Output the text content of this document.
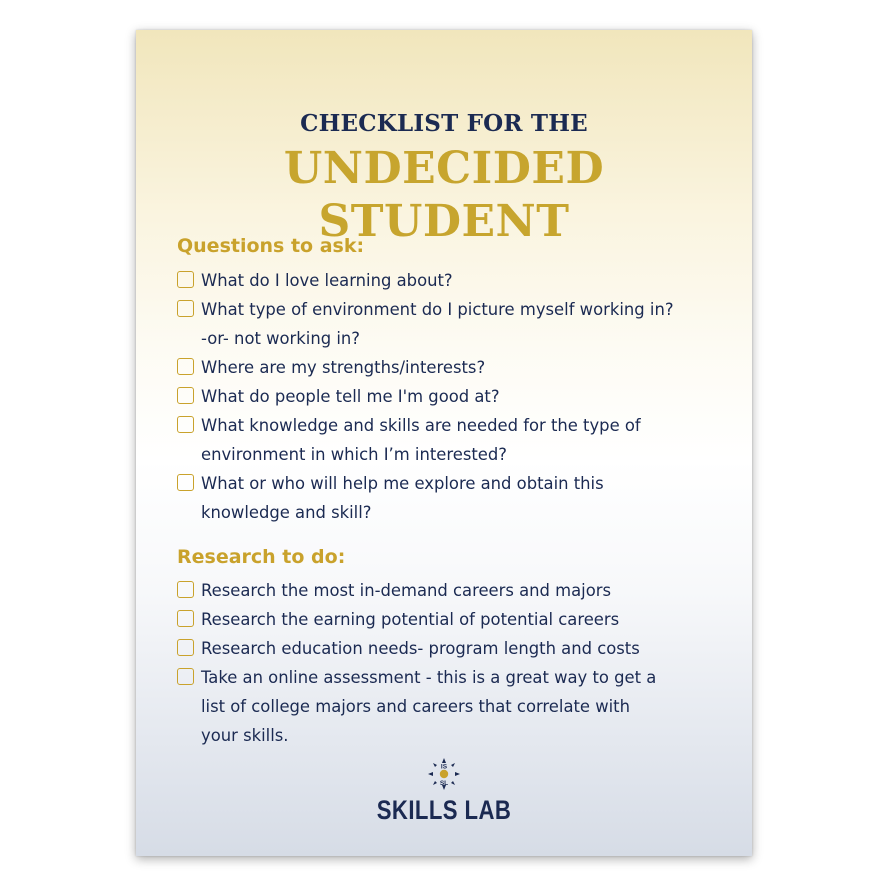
CHECKLIST FOR THE
UNDECIDED
STUDENT
Questions to ask:
What do I love learning about?
What type of environment do I picture myself working in?
-or- not working in?
Where are my strengths/interests?
What do people tell me I'm good at?
What knowledge and skills are needed for the type of
environment in which I’m interested?
What or who will help me explore and obtain this
knowledge and skill?
Research to do:
Research the most in-demand careers and majors
Research the earning potential of potential careers
Research education needs- program length and costs
Take an online assessment - this is a great way to get a
list of college majors and careers that correlate with
your skills.
IS
SL
SKILLS LAB
